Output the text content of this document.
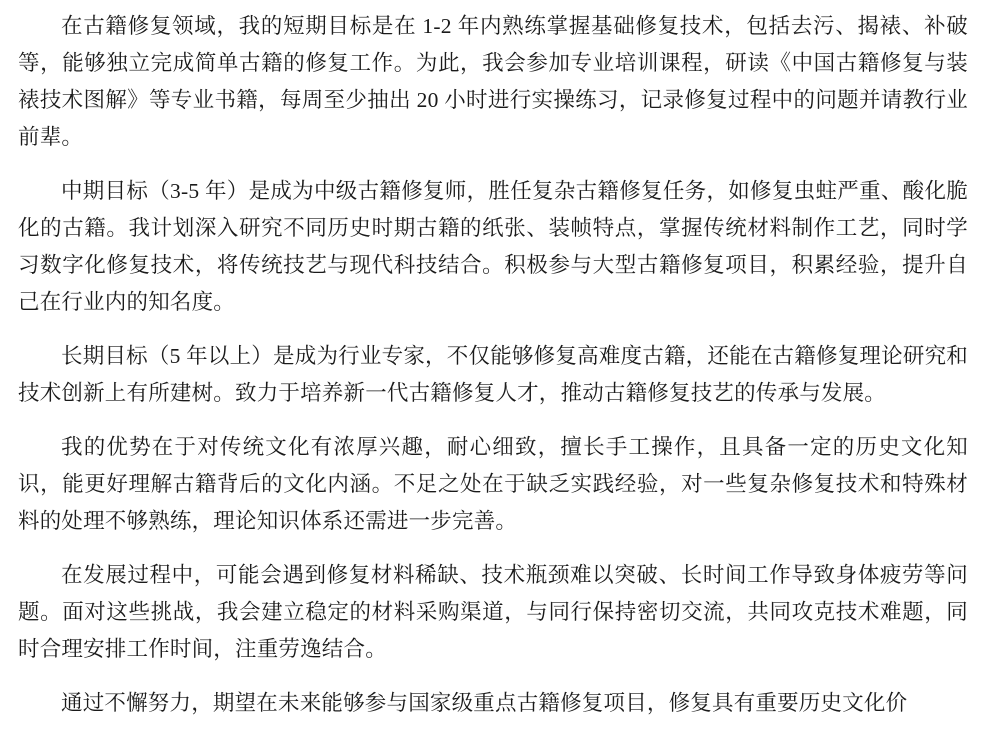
在古籍修复领域，我的短期目标是在 1-2 年内熟练掌握基础修复技术，包括去污、揭裱、补破等，能够独立完成简单古籍的修复工作。为此，我会参加专业培训课程，研读《中国古籍修复与装裱技术图解》等专业书籍，每周至少抽出 20 小时进行实操练习，记录修复过程中的问题并请教行业前辈。

中期目标（3-5 年）是成为中级古籍修复师，胜任复杂古籍修复任务，如修复虫蛀严重、酸化脆化的古籍。我计划深入研究不同历史时期古籍的纸张、装帧特点，掌握传统材料制作工艺，同时学习数字化修复技术，将传统技艺与现代科技结合。积极参与大型古籍修复项目，积累经验，提升自己在行业内的知名度。

长期目标（5 年以上）是成为行业专家，不仅能够修复高难度古籍，还能在古籍修复理论研究和技术创新上有所建树。致力于培养新一代古籍修复人才，推动古籍修复技艺的传承与发展。

我的优势在于对传统文化有浓厚兴趣，耐心细致，擅长手工操作，且具备一定的历史文化知识，能更好理解古籍背后的文化内涵。不足之处在于缺乏实践经验，对一些复杂修复技术和特殊材料的处理不够熟练，理论知识体系还需进一步完善。

在发展过程中，可能会遇到修复材料稀缺、技术瓶颈难以突破、长时间工作导致身体疲劳等问题。面对这些挑战，我会建立稳定的材料采购渠道，与同行保持密切交流，共同攻克技术难题，同时合理安排工作时间，注重劳逸结合。

通过不懈努力，期望在未来能够参与国家级重点古籍修复项目，修复具有重要历史文化价
